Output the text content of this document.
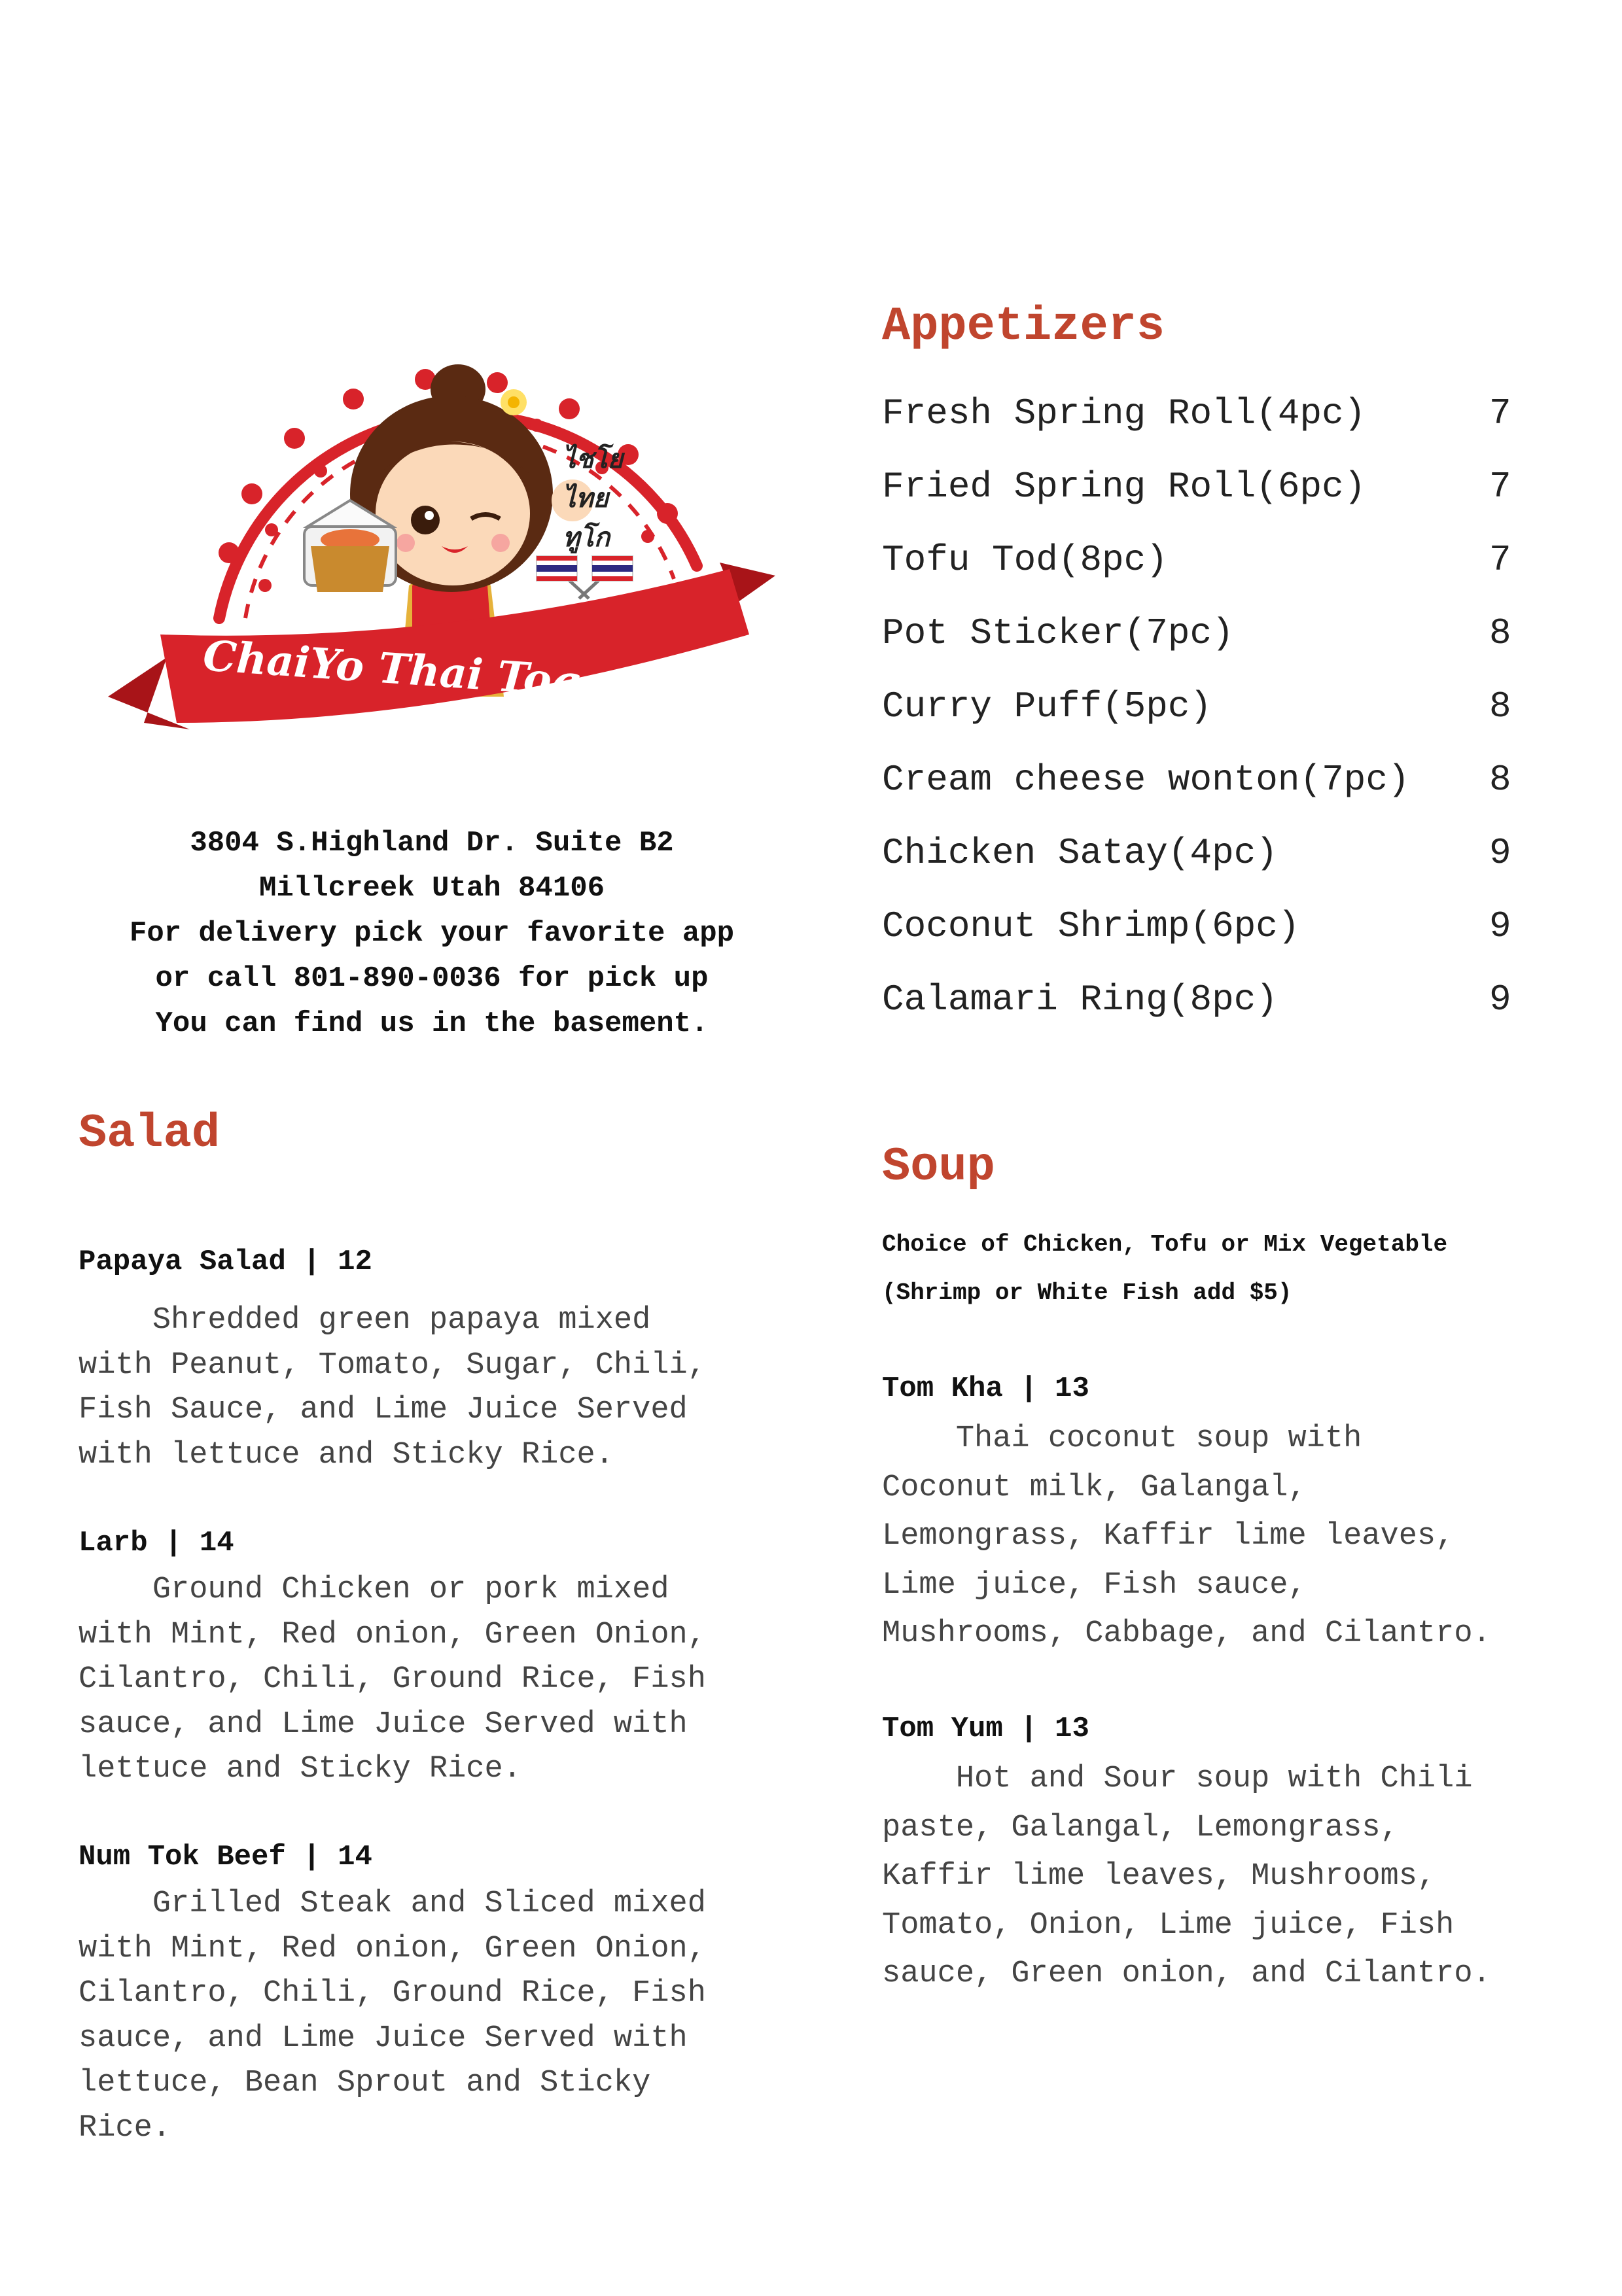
ไชโย
ไทย
ทูโก
ChaiYo Thai Togo
3804 S.Highland Dr. Suite B2
Millcreek Utah 84106
For delivery pick your favorite app
or call 801-890-0036 for pick up
You can find us in the basement.
Appetizers
Fresh Spring Roll(4pc)	7
Fried Spring Roll(6pc)	7
Tofu Tod(8pc)	7
Pot Sticker(7pc)	8
Curry Puff(5pc)	8
Cream cheese wonton(7pc) 8
Chicken Satay(4pc)	9
Coconut Shrimp(6pc)	9
Calamari Ring(8pc)	9
Salad
Papaya Salad | 12
Shredded green papaya mixed
with Peanut, Tomato, Sugar, Chili,
Fish Sauce, and Lime Juice Served
with lettuce and Sticky Rice.
Larb | 14
Ground Chicken or pork mixed
with Mint, Red onion, Green Onion,
Cilantro, Chili, Ground Rice, Fish
sauce, and Lime Juice Served with
lettuce and Sticky Rice.
Num Tok Beef | 14
Grilled Steak and Sliced mixed
with Mint, Red onion, Green Onion,
Cilantro, Chili, Ground Rice, Fish
sauce, and Lime Juice Served with
lettuce, Bean Sprout and Sticky
Rice.
Soup
Choice of Chicken, Tofu or Mix Vegetable
(Shrimp or White Fish add $5)
Tom Kha | 13
Thai coconut soup with
Coconut milk, Galangal,
Lemongrass, Kaffir lime leaves,
Lime juice, Fish sauce,
Mushrooms, Cabbage, and Cilantro.
Tom Yum | 13
Hot and Sour soup with Chili
paste, Galangal, Lemongrass,
Kaffir lime leaves, Mushrooms,
Tomato, Onion, Lime juice, Fish
sauce, Green onion, and Cilantro.
